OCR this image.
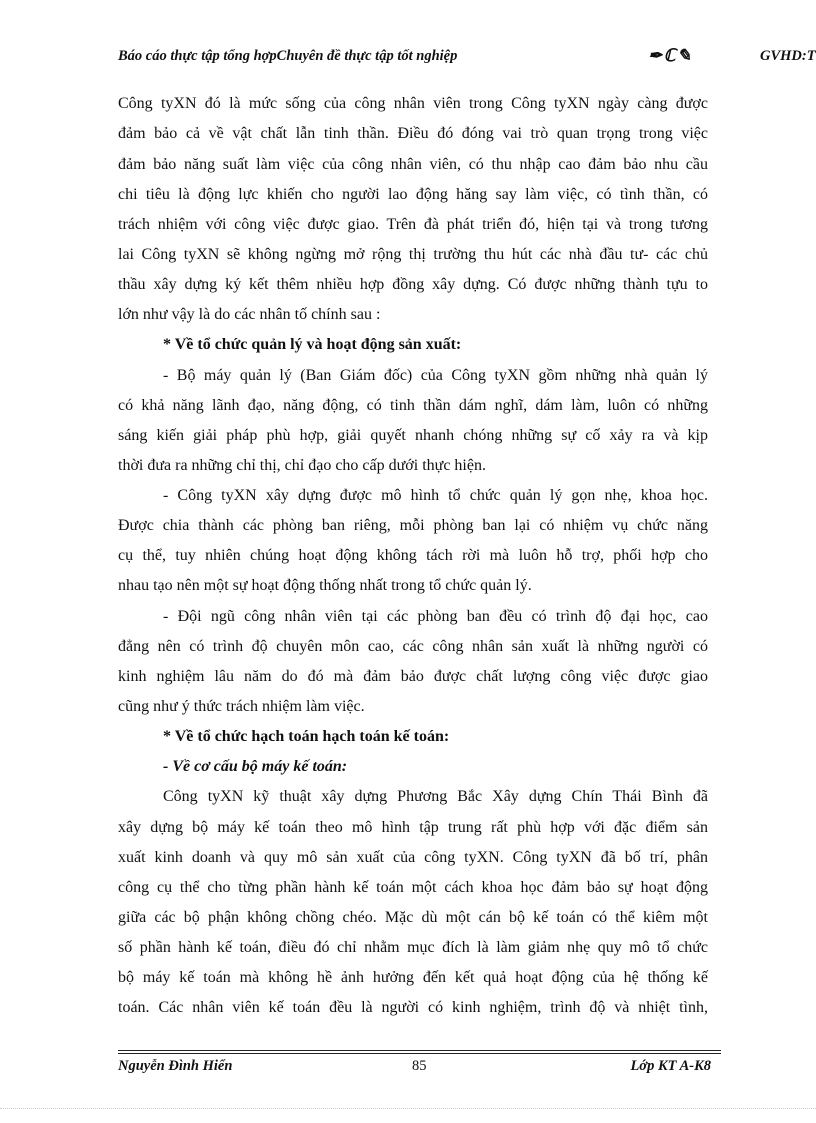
Báo cáo thực tập tổng hợpChuyên đề thực tập tốt nghiệp	✒ ℂ ✎	GVHD:T
Công tyXN đó là mức sống của công nhân viên trong Công tyXN ngày càng được
đảm bảo cả về vật chất lẫn tinh thần. Điều đó đóng vai trò quan trọng trong việc
đảm bảo năng suất làm việc của công nhân viên, có thu nhập cao đảm bảo nhu cầu
chi tiêu là động lực khiến cho người lao động hăng say làm việc, có tình thần, có
trách nhiệm với công việc được giao. Trên đà phát triển đó, hiện tại và trong tương
lai Công tyXN sẽ không ngừng mở rộng thị trường thu hút các nhà đầu tư- các chủ
thầu xây dựng ký kết thêm nhiều hợp đồng xây dựng. Có được những thành tựu to
lớn như vậy là do các nhân tố chính sau :
* Về tổ chức quản lý và hoạt động sản xuất:
- Bộ máy quản lý (Ban Giám đốc) của Công tyXN gồm những nhà quản lý
có khả năng lãnh đạo, năng động, có tinh thần dám nghĩ, dám làm, luôn có những
sáng kiến giải pháp phù hợp, giải quyết nhanh chóng những sự cố xảy ra và kịp
thời đưa ra những chỉ thị, chỉ đạo cho cấp dưới thực hiện.
- Công tyXN xây dựng được mô hình tổ chức quản lý gọn nhẹ, khoa học.
Được chia thành các phòng ban riêng, mỗi phòng ban lại có nhiệm vụ chức năng
cụ thể, tuy nhiên chúng hoạt động không tách rời mà luôn hỗ trợ, phối hợp cho
nhau tạo nên một sự hoạt động thống nhất trong tổ chức quản lý.
- Đội ngũ công nhân viên tại các phòng ban đều có trình độ đại học, cao
đẳng nên có trình độ chuyên môn cao, các công nhân sản xuất là những người có
kinh nghiệm lâu năm do đó mà đảm bảo được chất lượng công việc được giao
cũng như ý thức trách nhiệm làm việc.
* Về tổ chức hạch toán hạch toán kế toán:
- Về cơ cấu bộ máy kế toán:
Công tyXN kỹ thuật xây dựng Phương Bắc Xây dựng Chín Thái Bình đã
xây dựng bộ máy kế toán theo mô hình tập trung rất phù hợp với đặc điểm sản
xuất kinh doanh và quy mô sản xuất của công tyXN. Công tyXN đã bố trí, phân
công cụ thể cho từng phần hành kế toán một cách khoa học đảm bảo sự hoạt động
giữa các bộ phận không chồng chéo. Mặc dù một cán bộ kế toán có thể kiêm một
số phần hành kế toán, điều đó chỉ nhằm mục đích là làm giảm nhẹ quy mô tổ chức
bộ máy kế toán mà không hề ảnh hưởng đến kết quả hoạt động của hệ thống kế
toán. Các nhân viên kế toán đều là người có kinh nghiệm, trình độ và nhiệt tình,
Nguyễn Đình Hiển	85	Lớp KT A-K8
